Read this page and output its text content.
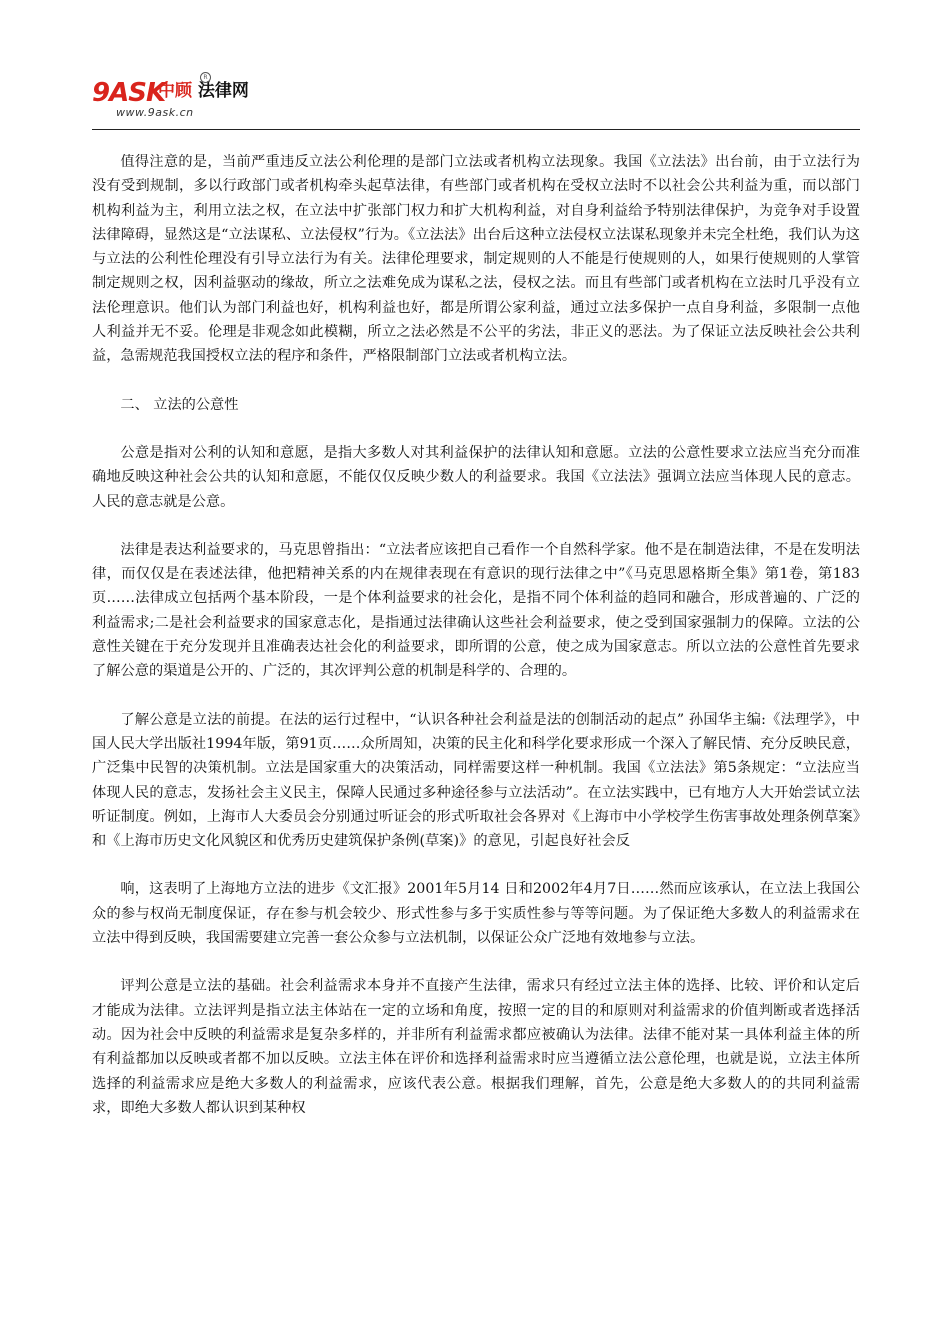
9ASK
中顾 法律网
R
www.9ask.cn

值得注意的是，当前严重违反立法公利伦理的是部门立法或者机构立法现象。我国《立法法》出台前，由于立法行为没有受到规制，多以行政部门或者机构牵头起草法律，有些部门或者机构在受权立法时不以社会公共利益为重，而以部门机构利益为主，利用立法之权，在立法中扩张部门权力和扩大机构利益，对自身利益给予特别法律保护，为竞争对手设置法律障碍，显然这是“立法谋私、立法侵权”行为。《立法法》出台后这种立法侵权立法谋私现象并未完全杜绝，我们认为这与立法的公利性伦理没有引导立法行为有关。法律伦理要求，制定规则的人不能是行使规则的人，如果行使规则的人掌管制定规则之权，因利益驱动的缘故，所立之法难免成为谋私之法，侵权之法。而且有些部门或者机构在立法时几乎没有立法伦理意识。他们认为部门利益也好，机构利益也好，都是所谓公家利益，通过立法多保护一点自身利益，多限制一点他人利益并无不妥。伦理是非观念如此模糊，所立之法必然是不公平的劣法，非正义的恶法。为了保证立法反映社会公共利益，急需规范我国授权立法的程序和条件，严格限制部门立法或者机构立法。

二、 立法的公意性

公意是指对公利的认知和意愿，是指大多数人对其利益保护的法律认知和意愿。立法的公意性要求立法应当充分而准确地反映这种社会公共的认知和意愿，不能仅仅反映少数人的利益要求。我国《立法法》强调立法应当体现人民的意志。人民的意志就是公意。

法律是表达利益要求的，马克思曾指出：“立法者应该把自己看作一个自然科学家。他不是在制造法律，不是在发明法律，而仅仅是在表述法律，他把精神关系的内在规律表现在有意识的现行法律之中”《马克思恩格斯全集》第1卷，第183页……法律成立包括两个基本阶段，一是个体利益要求的社会化，是指不同个体利益的趋同和融合，形成普遍的、广泛的利益需求;二是社会利益要求的国家意志化，是指通过法律确认这些社会利益要求，使之受到国家强制力的保障。立法的公意性关键在于充分发现并且准确表达社会化的利益要求，即所谓的公意，使之成为国家意志。所以立法的公意性首先要求了解公意的渠道是公开的、广泛的，其次评判公意的机制是科学的、合理的。

了解公意是立法的前提。在法的运行过程中，“认识各种社会利益是法的创制活动的起点” 孙国华主编:《法理学》，中国人民大学出版社1994年版，第91页……众所周知，决策的民主化和科学化要求形成一个深入了解民情、充分反映民意，广泛集中民智的决策机制。立法是国家重大的决策活动，同样需要这样一种机制。我国《立法法》第5条规定：“立法应当体现人民的意志，发扬社会主义民主，保障人民通过多种途径参与立法活动”。在立法实践中，已有地方人大开始尝试立法听证制度。例如，上海市人大委员会分别通过听证会的形式听取社会各界对《上海市中小学校学生伤害事故处理条例草案》和《上海市历史文化风貌区和优秀历史建筑保护条例(草案)》的意见，引起良好社会反

响，这表明了上海地方立法的进步《文汇报》2001年5月14 日和2002年4月7日……然而应该承认，在立法上我国公众的参与权尚无制度保证，存在参与机会较少、形式性参与多于实质性参与等等问题。为了保证绝大多数人的利益需求在立法中得到反映，我国需要建立完善一套公众参与立法机制，以保证公众广泛地有效地参与立法。

评判公意是立法的基础。社会利益需求本身并不直接产生法律，需求只有经过立法主体的选择、比较、评价和认定后才能成为法律。立法评判是指立法主体站在一定的立场和角度，按照一定的目的和原则对利益需求的价值判断或者选择活动。因为社会中反映的利益需求是复杂多样的，并非所有利益需求都应被确认为法律。法律不能对某一具体利益主体的所有利益都加以反映或者都不加以反映。立法主体在评价和选择利益需求时应当遵循立法公意伦理，也就是说，立法主体所选择的利益需求应是绝大多数人的利益需求，应该代表公意。根据我们理解，首先，公意是绝大多数人的的共同利益需求，即绝大多数人都认识到某种权
